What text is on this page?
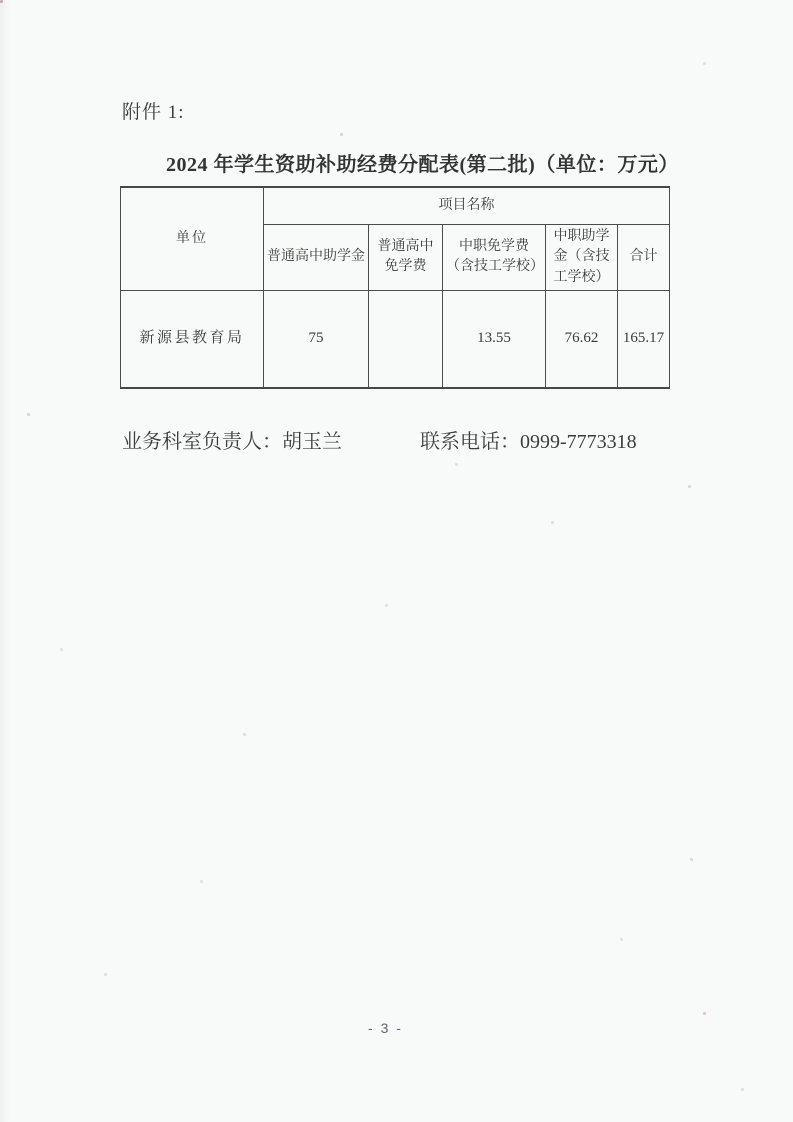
附件 1:
2024 年学生资助补助经费分配表(第二批)（单位：万元）
单位	项目名称				
	普通高中助学金	普通高中免学费	中职免学费（含技工学校）	中职助学金（含技工学校）	合计
新源县教育局	75		13.55	76.62	165.17
业务科室负责人：胡玉兰	联系电话：0999-7773318
- 3 -
